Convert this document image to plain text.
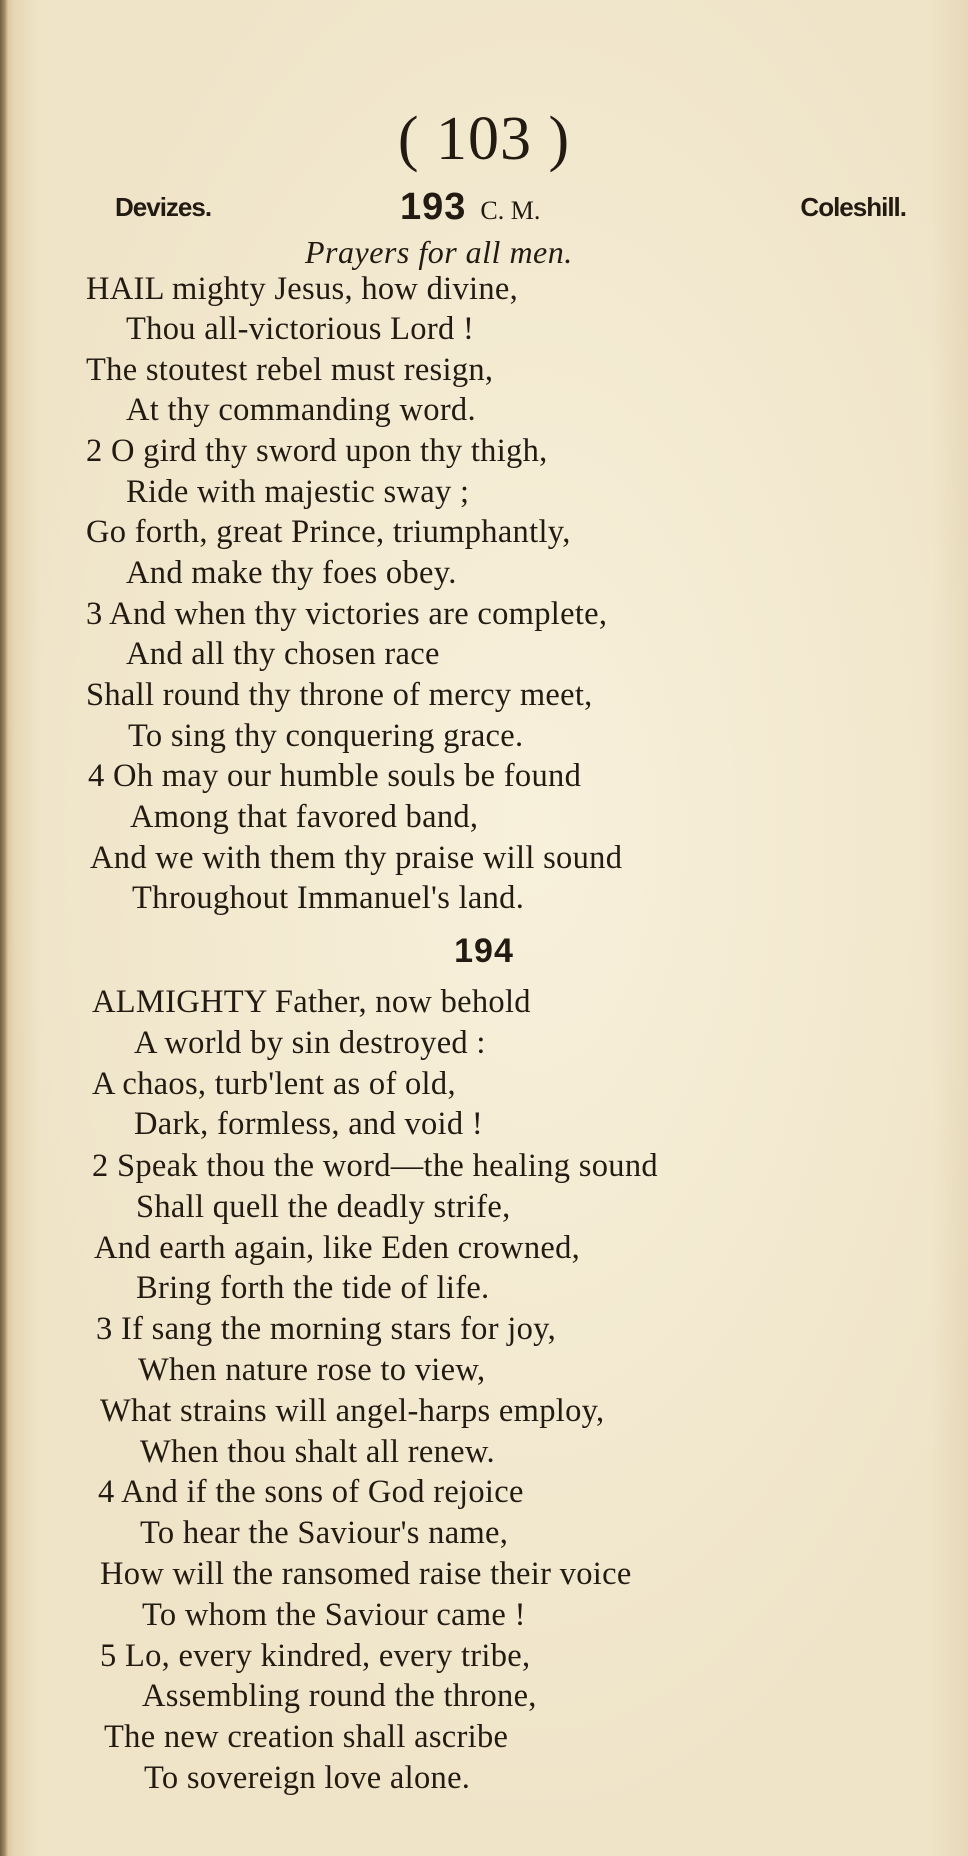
( 103 )
Devizes.	193 C. M.	Coleshill.
Prayers for all men.
HAIL mighty Jesus, how divine,
Thou all-victorious Lord !
The stoutest rebel must resign,
At thy commanding word.
2 O gird thy sword upon thy thigh,
Ride with majestic sway ;
Go forth, great Prince, triumphantly,
And make thy foes obey.
3 And when thy victories are complete,
And all thy chosen race
Shall round thy throne of mercy meet,
To sing thy conquering grace.
4 Oh may our humble souls be found
Among that favored band,
And we with them thy praise will sound
Throughout Immanuel's land.
194
ALMIGHTY Father, now behold
A world by sin destroyed :
A chaos, turb'lent as of old,
Dark, formless, and void !
2 Speak thou the word—the healing sound
Shall quell the deadly strife,
And earth again, like Eden crowned,
Bring forth the tide of life.
3 If sang the morning stars for joy,
When nature rose to view,
What strains will angel-harps employ,
When thou shalt all renew.
4 And if the sons of God rejoice
To hear the Saviour's name,
How will the ransomed raise their voice
To whom the Saviour came !
5 Lo, every kindred, every tribe,
Assembling round the throne,
The new creation shall ascribe
To sovereign love alone.
